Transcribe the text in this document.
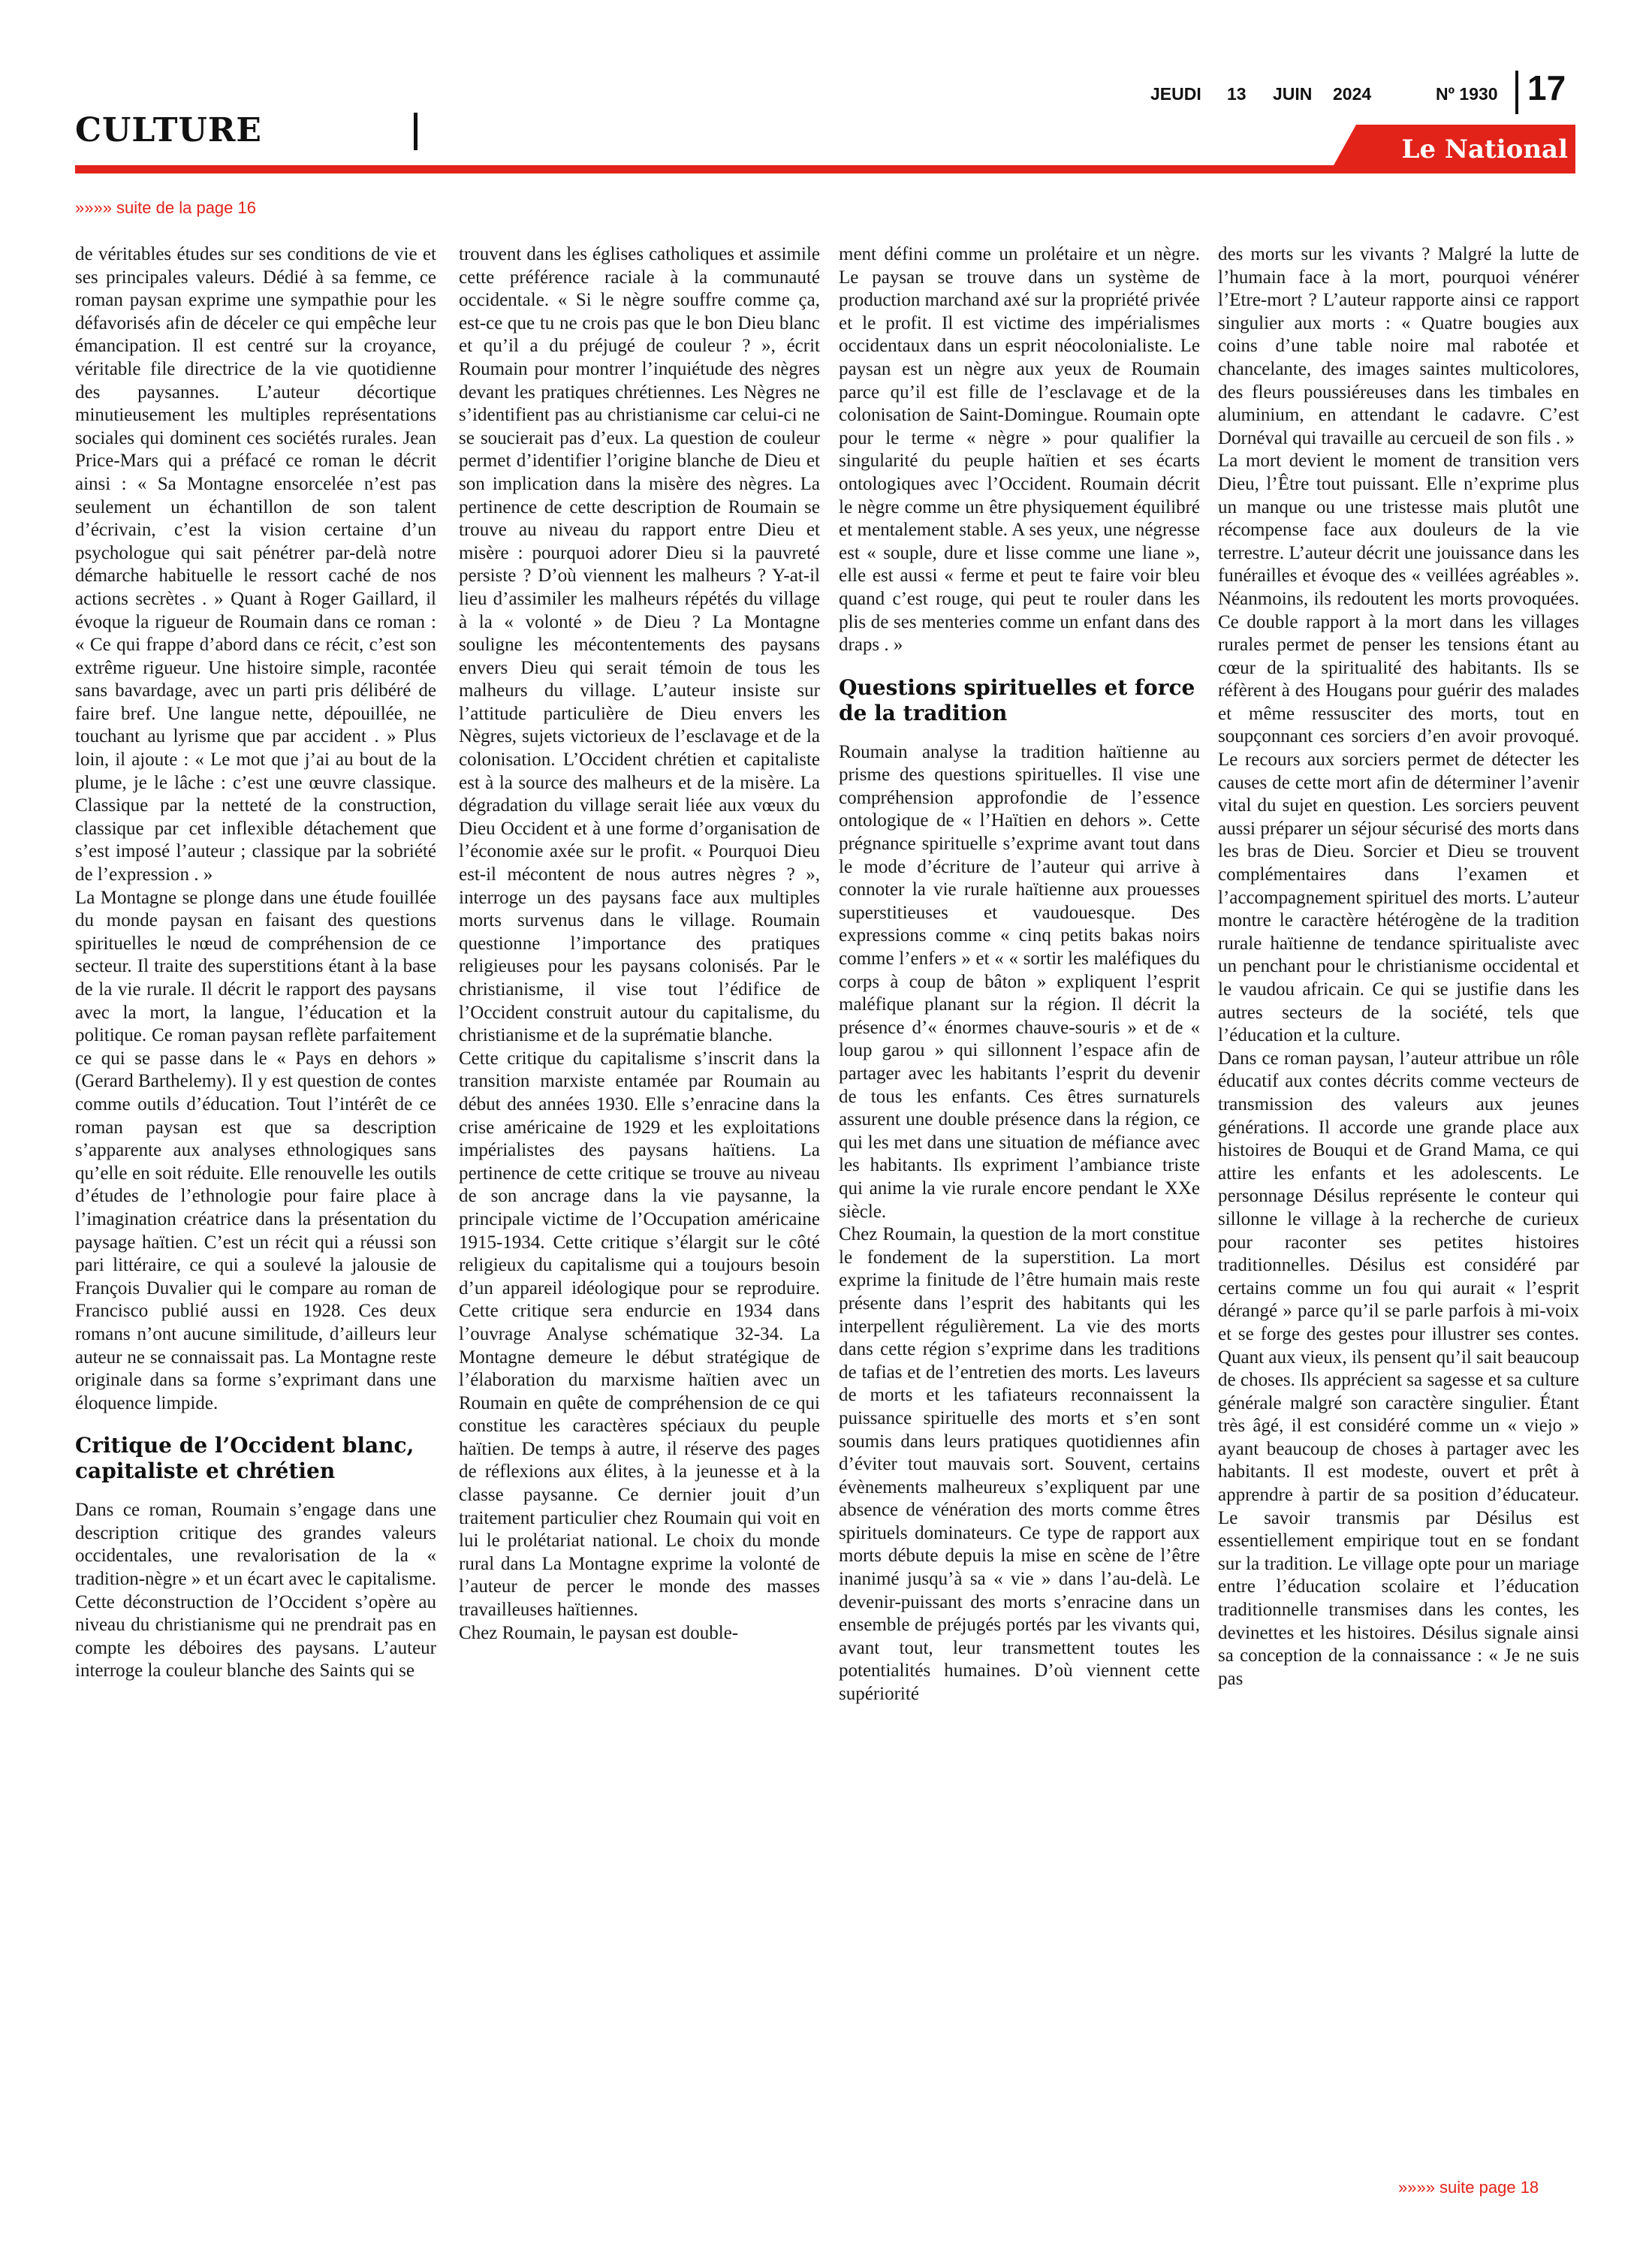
CULTURE
JEUDI 13 JUIN 2024	Nº 1930 17
Le National
»»»» suite de la page 16

de véritables études sur ses conditions de vie et ses principales valeurs. Dédié à sa femme, ce roman paysan exprime une sympathie pour les défavorisés afin de déceler ce qui empêche leur émancipation. Il est centré sur la croyance, véritable file directrice de la vie quotidienne des paysannes. L’auteur décortique minutieusement les multiples représentations sociales qui dominent ces sociétés rurales. Jean Price-Mars qui a préfacé ce roman le décrit ainsi : « Sa Montagne ensorcelée n’est pas seulement un échantillon de son talent d’écrivain, c’est la vision certaine d’un psychologue qui sait pénétrer par-delà notre démarche habituelle le ressort caché de nos actions secrètes . » Quant à Roger Gaillard, il évoque la rigueur de Roumain dans ce roman : « Ce qui frappe d’abord dans ce récit, c’est son extrême rigueur. Une histoire simple, racontée sans bavardage, avec un parti pris délibéré de faire bref. Une langue nette, dépouillée, ne touchant au lyrisme que par accident . » Plus loin, il ajoute : « Le mot que j’ai au bout de la plume, je le lâche : c’est une œuvre classique. Classique par la netteté de la construction, classique par cet inflexible détachement que s’est imposé l’auteur ; classique par la sobriété de l’expression . »

La Montagne se plonge dans une étude fouillée du monde paysan en faisant des questions spirituelles le nœud de compréhension de ce secteur. Il traite des superstitions étant à la base de la vie rurale. Il décrit le rapport des paysans avec la mort, la langue, l’éducation et la politique. Ce roman paysan reflète parfaitement ce qui se passe dans le « Pays en dehors » (Gerard Barthelemy). Il y est question de contes comme outils d’éducation. Tout l’intérêt de ce roman paysan est que sa description s’apparente aux analyses ethnologiques sans qu’elle en soit réduite. Elle renouvelle les outils d’études de l’ethnologie pour faire place à l’imagination créatrice dans la présentation du paysage haïtien. C’est un récit qui a réussi son pari littéraire, ce qui a soulevé la jalousie de François Duvalier qui le compare au roman de Francisco publié aussi en 1928. Ces deux romans n’ont aucune similitude, d’ailleurs leur auteur ne se connaissait pas. La Montagne reste originale dans sa forme s’exprimant dans une éloquence limpide.

Critique de l’Occident blanc, capitaliste et chrétien

Dans ce roman, Roumain s’engage dans une description critique des grandes valeurs occidentales, une revalorisation de la « tradition-nègre » et un écart avec le capitalisme. Cette déconstruction de l’Occident s’opère au niveau du christianisme qui ne prendrait pas en compte les déboires des paysans. L’auteur interroge la couleur blanche des Saints qui se

trouvent dans les églises catholiques et assimile cette préférence raciale à la communauté occidentale. « Si le nègre souffre comme ça, est-ce que tu ne crois pas que le bon Dieu blanc et qu’il a du préjugé de couleur ? », écrit Roumain pour montrer l’inquiétude des nègres devant les pratiques chrétiennes. Les Nègres ne s’identifient pas au christianisme car celui-ci ne se soucierait pas d’eux. La question de couleur permet d’identifier l’origine blanche de Dieu et son implication dans la misère des nègres. La pertinence de cette description de Roumain se trouve au niveau du rapport entre Dieu et misère : pourquoi adorer Dieu si la pauvreté persiste ? D’où viennent les malheurs ? Y-at-il lieu d’assimiler les malheurs répétés du village à la « volonté » de Dieu ? La Montagne souligne les mécontentements des paysans envers Dieu qui serait témoin de tous les malheurs du village. L’auteur insiste sur l’attitude particulière de Dieu envers les Nègres, sujets victorieux de l’esclavage et de la colonisation. L’Occident chrétien et capitaliste est à la source des malheurs et de la misère. La dégradation du village serait liée aux vœux du Dieu Occident et à une forme d’organisation de l’économie axée sur le profit. « Pourquoi Dieu est-il mécontent de nous autres nègres ? », interroge un des paysans face aux multiples morts survenus dans le village. Roumain questionne l’importance des pratiques religieuses pour les paysans colonisés. Par le christianisme, il vise tout l’édifice de l’Occident construit autour du capitalisme, du christianisme et de la suprématie blanche.

Cette critique du capitalisme s’inscrit dans la transition marxiste entamée par Roumain au début des années 1930. Elle s’enracine dans la crise américaine de 1929 et les exploitations impérialistes des paysans haïtiens. La pertinence de cette critique se trouve au niveau de son ancrage dans la vie paysanne, la principale victime de l’Occupation américaine 1915-1934. Cette critique s’élargit sur le côté religieux du capitalisme qui a toujours besoin d’un appareil idéologique pour se reproduire. Cette critique sera endurcie en 1934 dans l’ouvrage Analyse schématique 32-34. La Montagne demeure le début stratégique de l’élaboration du marxisme haïtien avec un Roumain en quête de compréhension de ce qui constitue les caractères spéciaux du peuple haïtien. De temps à autre, il réserve des pages de réflexions aux élites, à la jeunesse et à la classe paysanne. Ce dernier jouit d’un traitement particulier chez Roumain qui voit en lui le prolétariat national. Le choix du monde rural dans La Montagne exprime la volonté de l’auteur de percer le monde des masses travailleuses haïtiennes.

Chez Roumain, le paysan est double-

ment défini comme un prolétaire et un nègre. Le paysan se trouve dans un système de production marchand axé sur la propriété privée et le profit. Il est victime des impérialismes occidentaux dans un esprit néocolonialiste. Le paysan est un nègre aux yeux de Roumain parce qu’il est fille de l’esclavage et de la colonisation de Saint-Domingue. Roumain opte pour le terme « nègre » pour qualifier la singularité du peuple haïtien et ses écarts ontologiques avec l’Occident. Roumain décrit le nègre comme un être physiquement équilibré et mentalement stable. A ses yeux, une négresse est « souple, dure et lisse comme une liane », elle est aussi « ferme et peut te faire voir bleu quand c’est rouge, qui peut te rouler dans les plis de ses menteries comme un enfant dans des draps . »

Questions spirituelles et force de la tradition

Roumain analyse la tradition haïtienne au prisme des questions spirituelles. Il vise une compréhension approfondie de l’essence ontologique de « l’Haïtien en dehors ». Cette prégnance spirituelle s’exprime avant tout dans le mode d’écriture de l’auteur qui arrive à connoter la vie rurale haïtienne aux prouesses superstitieuses et vaudouesque. Des expressions comme « cinq petits bakas noirs comme l’enfers » et « « sortir les maléfiques du corps à coup de bâton » expliquent l’esprit maléfique planant sur la région. Il décrit la présence d’« énormes chauve-souris » et de « loup garou » qui sillonnent l’espace afin de partager avec les habitants l’esprit du devenir de tous les enfants. Ces êtres surnaturels assurent une double présence dans la région, ce qui les met dans une situation de méfiance avec les habitants. Ils expriment l’ambiance triste qui anime la vie rurale encore pendant le XXe siècle.

Chez Roumain, la question de la mort constitue le fondement de la superstition. La mort exprime la finitude de l’être humain mais reste présente dans l’esprit des habitants qui les interpellent régulièrement. La vie des morts dans cette région s’exprime dans les traditions de tafias et de l’entretien des morts. Les laveurs de morts et les tafiateurs reconnaissent la puissance spirituelle des morts et s’en sont soumis dans leurs pratiques quotidiennes afin d’éviter tout mauvais sort. Souvent, certains évènements malheureux s’expliquent par une absence de vénération des morts comme êtres spirituels dominateurs. Ce type de rapport aux morts débute depuis la mise en scène de l’être inanimé jusqu’à sa « vie » dans l’au-delà. Le devenir-puissant des morts s’enracine dans un ensemble de préjugés portés par les vivants qui, avant tout, leur transmettent toutes les potentialités humaines. D’où viennent cette supériorité

des morts sur les vivants ? Malgré la lutte de l’humain face à la mort, pourquoi vénérer l’Etre-mort ? L’auteur rapporte ainsi ce rapport singulier aux morts : « Quatre bougies aux coins d’une table noire mal rabotée et chancelante, des images saintes multicolores, des fleurs poussiéreuses dans les timbales en aluminium, en attendant le cadavre. C’est Dornéval qui travaille au cercueil de son fils . »

La mort devient le moment de transition vers Dieu, l’Être tout puissant. Elle n’exprime plus un manque ou une tristesse mais plutôt une récompense face aux douleurs de la vie terrestre. L’auteur décrit une jouissance dans les funérailles et évoque des « veillées agréables ». Néanmoins, ils redoutent les morts provoquées. Ce double rapport à la mort dans les villages rurales permet de penser les tensions étant au cœur de la spiritualité des habitants. Ils se réfèrent à des Hougans pour guérir des malades et même ressusciter des morts, tout en soupçonnant ces sorciers d’en avoir provoqué. Le recours aux sorciers permet de détecter les causes de cette mort afin de déterminer l’avenir vital du sujet en question. Les sorciers peuvent aussi préparer un séjour sécurisé des morts dans les bras de Dieu. Sorcier et Dieu se trouvent complémentaires dans l’examen et l’accompagnement spirituel des morts. L’auteur montre le caractère hétérogène de la tradition rurale haïtienne de tendance spiritualiste avec un penchant pour le christianisme occidental et le vaudou africain. Ce qui se justifie dans les autres secteurs de la société, tels que l’éducation et la culture.

Dans ce roman paysan, l’auteur attribue un rôle éducatif aux contes décrits comme vecteurs de transmission des valeurs aux jeunes générations. Il accorde une grande place aux histoires de Bouqui et de Grand Mama, ce qui attire les enfants et les adolescents. Le personnage Désilus représente le conteur qui sillonne le village à la recherche de curieux pour raconter ses petites histoires traditionnelles. Désilus est considéré par certains comme un fou qui aurait « l’esprit dérangé » parce qu’il se parle parfois à mi-voix et se forge des gestes pour illustrer ses contes. Quant aux vieux, ils pensent qu’il sait beaucoup de choses. Ils apprécient sa sagesse et sa culture générale malgré son caractère singulier. Étant très âgé, il est considéré comme un « viejo » ayant beaucoup de choses à partager avec les habitants. Il est modeste, ouvert et prêt à apprendre à partir de sa position d’éducateur. Le savoir transmis par Désilus est essentiellement empirique tout en se fondant sur la tradition. Le village opte pour un mariage entre l’éducation scolaire et l’éducation traditionnelle transmises dans les contes, les devinettes et les histoires. Désilus signale ainsi sa conception de la connaissance : « Je ne suis pas

»»»» suite page 18
